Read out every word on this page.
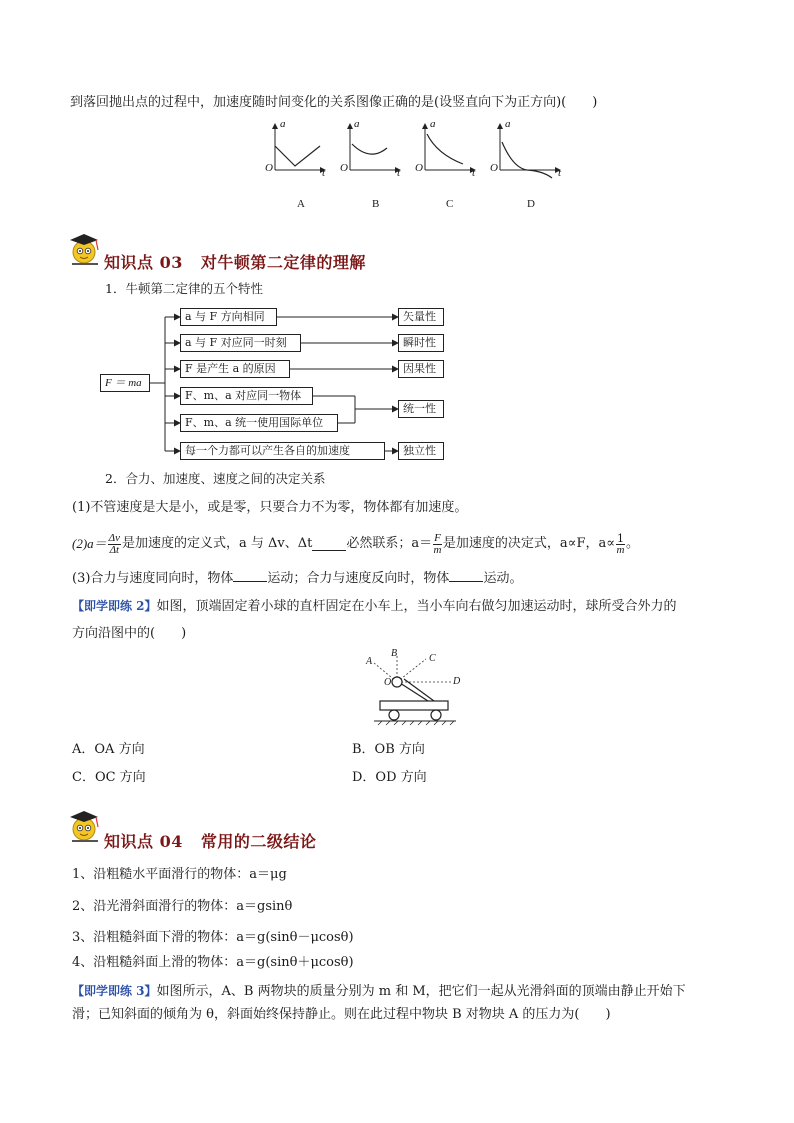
到落回抛出点的过程中，加速度随时间变化的关系图像正确的是(设竖直向下为正方向)(　　)
a	a	a	a
O	O	O	O
t	t	t	t
A	B	C	D
知识点 03 对牛顿第二定律的理解
1．牛顿第二定律的五个特性
F ＝ ma
a 与 F 方向相同
a 与 F 对应同一时刻
F 是产生 a 的原因
F、m、a 对应同一物体
F、m、a 统一使用国际单位
每一个力都可以产生各自的加速度
矢量性
瞬时性
因果性
统一性
独立性
2．合力、加速度、速度之间的决定关系
(1)不管速度是大是小，或是零，只要合力不为零，物体都有加速度。
$(2)a= \frac{\Delta v}{\Delta t}$ 是加速度的定义式，a 与 Δv、Δt	必然联系；$a= \frac{F}{m}$ 是加速度的决定式，a∝F，$a\propto \frac{1}{m}$ 。
(3)合力与速度同向时，物体	运动；合力与速度反向时，物体	运动。
【即学即练 2】如图，顶端固定着小球的直杆固定在小车上，当小车向右做匀加速运动时，球所受合外力的
方向沿图中的(　　)
A
B	C
D
O
A．OA 方向	B．OB 方向
C．OC 方向	D．OD 方向
知识点 04 常用的二级结论
1、沿粗糙水平面滑行的物体：a＝μg
2、沿光滑斜面滑行的物体：a＝gsinθ
3、沿粗糙斜面下滑的物体：a＝g(sinθ－μcosθ)
4、沿粗糙斜面上滑的物体：a＝g(sinθ＋μcosθ)
【即学即练 3】如图所示，A、B 两物块的质量分别为 m 和 M，把它们一起从光滑斜面的顶端由静止开始下
滑；已知斜面的倾角为 θ，斜面始终保持静止。则在此过程中物块 B 对物块 A 的压力为(　　)
